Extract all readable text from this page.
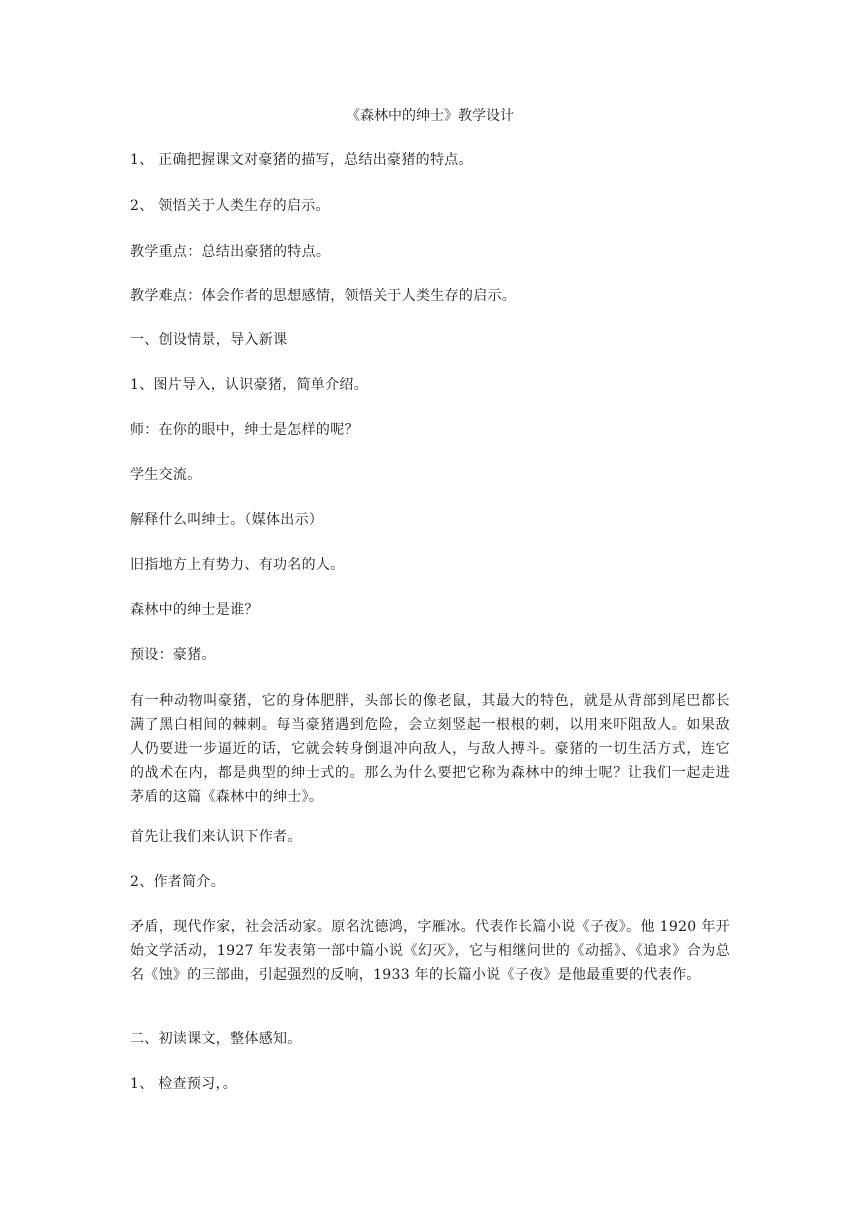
《森林中的绅士》教学设计

1、 正确把握课文对豪猪的描写，总结出豪猪的特点。

2、 领悟关于人类生存的启示。

教学重点：总结出豪猪的特点。

教学难点：体会作者的思想感情，领悟关于人类生存的启示。

一、创设情景，导入新课

1、图片导入，认识豪猪，简单介绍。

师：在你的眼中，绅士是怎样的呢？

学生交流。

解释什么叫绅士。（媒体出示）

旧指地方上有势力、有功名的人。

森林中的绅士是谁？

预设：豪猪。

有一种动物叫豪猪，它的身体肥胖，头部长的像老鼠，其最大的特色，就是从背部到尾巴都长满了黑白相间的棘刺。每当豪猪遇到危险，会立刻竖起一根根的刺，以用来吓阻敌人。如果敌人仍要进一步逼近的话，它就会转身倒退冲向敌人，与敌人搏斗。豪猪的一切生活方式，连它的战术在内，都是典型的绅士式的。那么为什么要把它称为森林中的绅士呢？让我们一起走进茅盾的这篇《森林中的绅士》。

首先让我们来认识下作者。

2、作者简介。

矛盾，现代作家，社会活动家。原名沈德鸿，字雁冰。代表作长篇小说《子夜》。他 1920 年开始文学活动，1927 年发表第一部中篇小说《幻灭》，它与相继问世的《动摇》、《追求》合为总名《蚀》的三部曲，引起强烈的反响，1933 年的长篇小说《子夜》是他最重要的代表作。

二、初读课文，整体感知。

1、 检查预习，。
